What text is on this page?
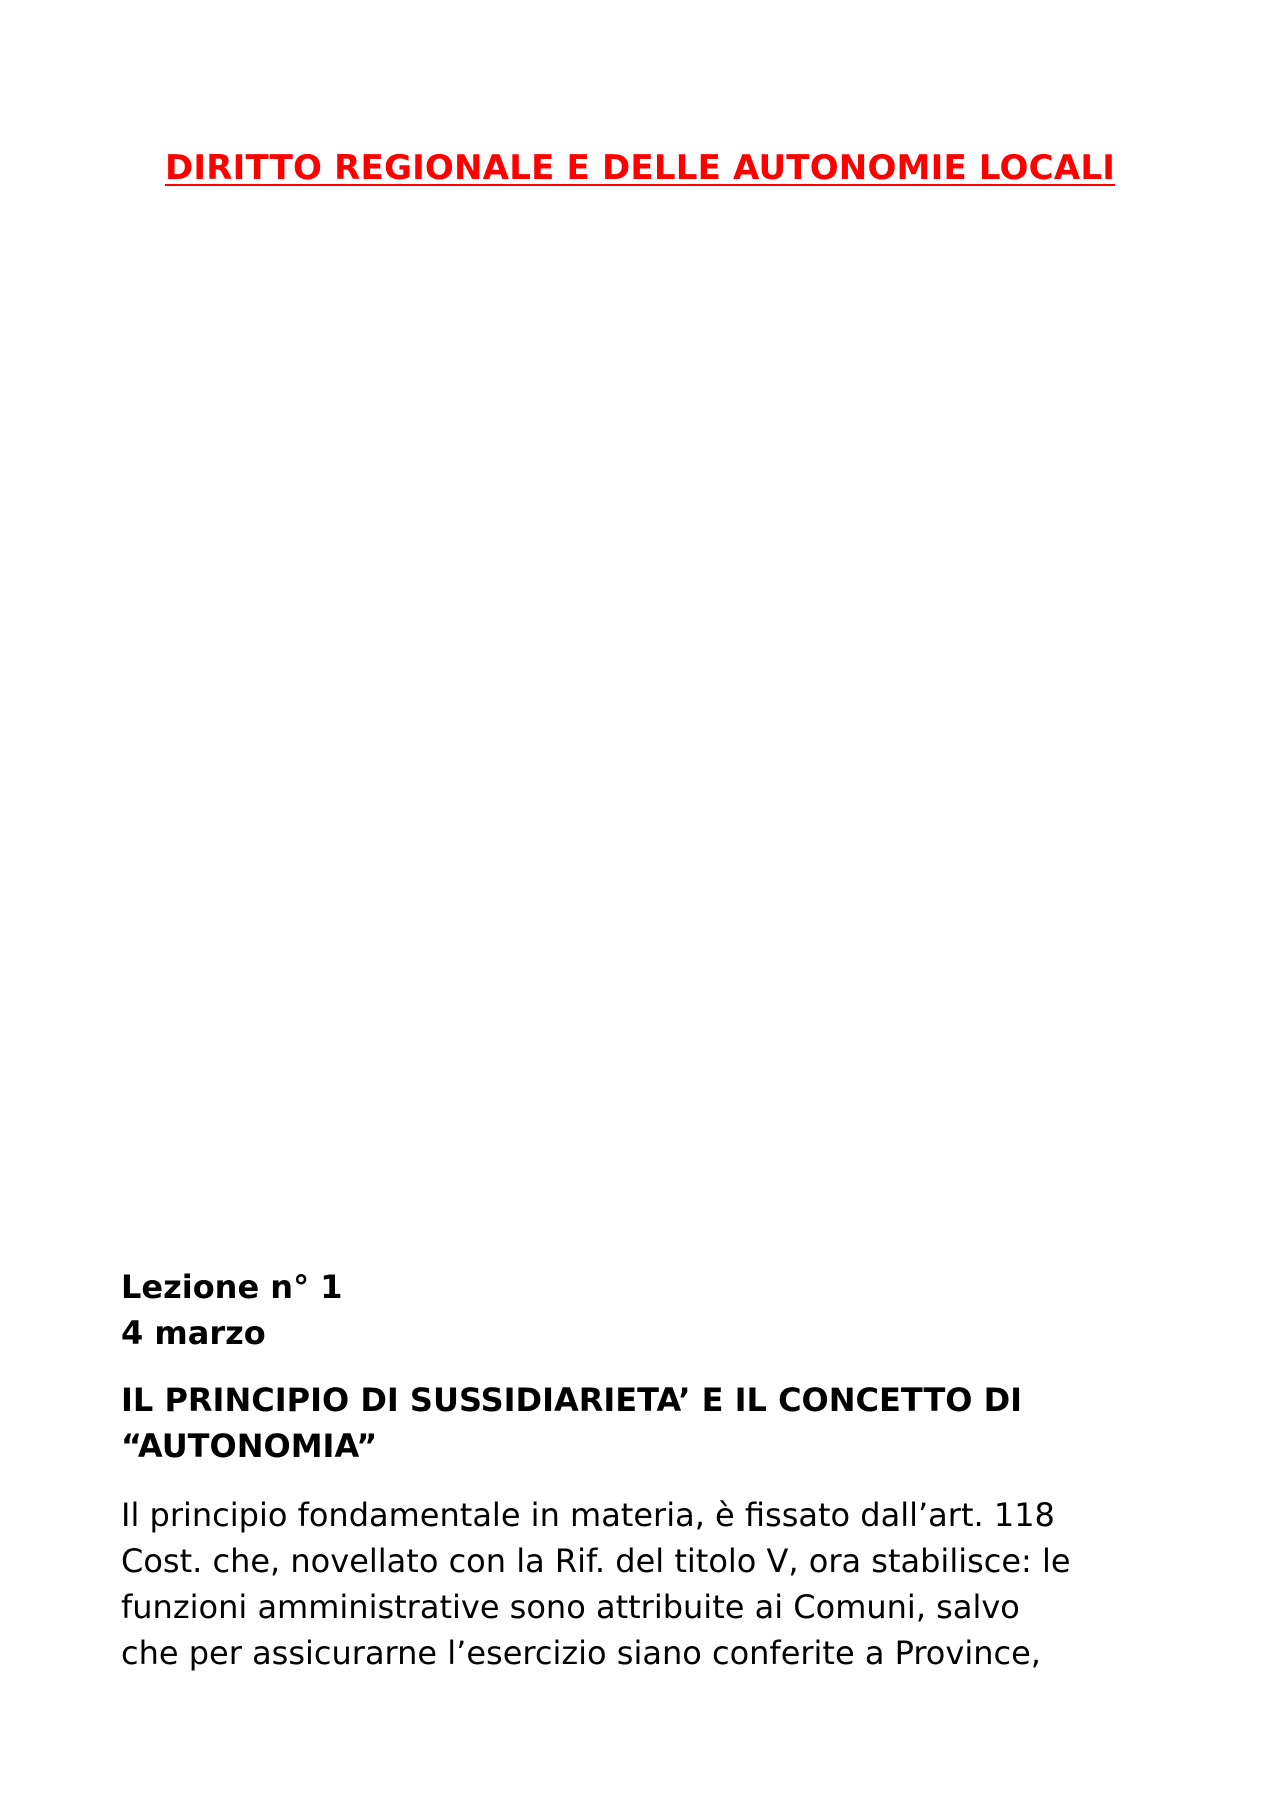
DIRITTO REGIONALE E DELLE AUTONOMIE LOCALI
Lezione n° 1
4 marzo
IL PRINCIPIO DI SUSSIDIARIETA’ E IL CONCETTO DI
“AUTONOMIA”

Il principio fondamentale in materia, è fissato dall’art. 118
Cost. che, novellato con la Rif. del titolo V, ora stabilisce: le
funzioni amministrative sono attribuite ai Comuni, salvo
che per assicurarne l’esercizio siano conferite a Province,
